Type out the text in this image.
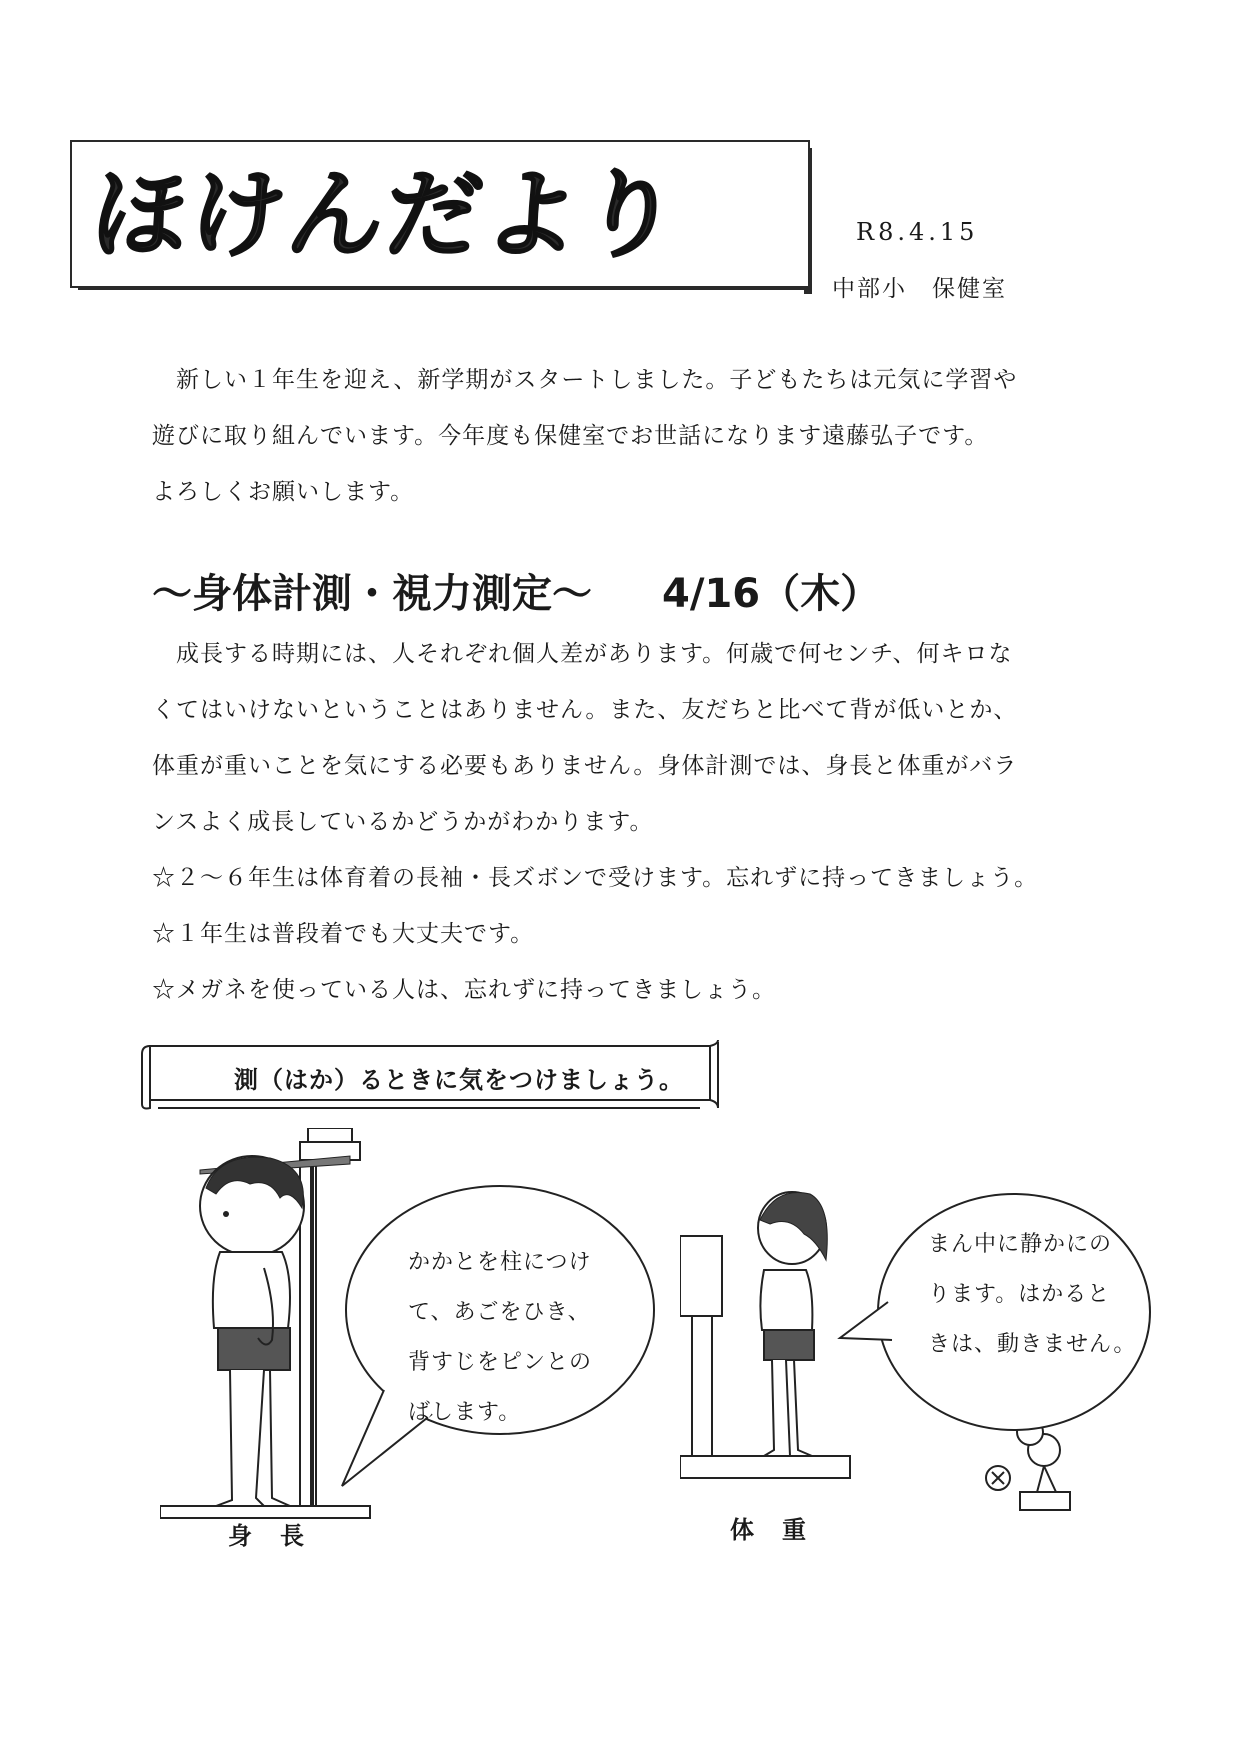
ほけんだより	R8.4.15
中部小　保健室
新しい１年生を迎え、新学期がスタートしました。子どもたちは元気に学習や
遊びに取り組んでいます。今年度も保健室でお世話になります遠藤弘子です。
よろしくお願いします。
～身体計測・視力測定～ 4/16（木）
成長する時期には、人それぞれ個人差があります。何歳で何センチ、何キロな
くてはいけないということはありません。また、友だちと比べて背が低いとか、
体重が重いことを気にする必要もありません。身体計測では、身長と体重がバラ
ンスよく成長しているかどうかがわかります。
☆２～６年生は体育着の長袖・長ズボンで受けます。忘れずに持ってきましょう。
☆１年生は普段着でも大丈夫です。
☆メガネを使っている人は、忘れずに持ってきましょう。
測（はか）るときに気をつけましょう。
かかとを柱につけ
て、あごをひき、
背すじをピンとの
ばします。
まん中に静かにの
ります。はかると
きは、動きません。
身長	体重
